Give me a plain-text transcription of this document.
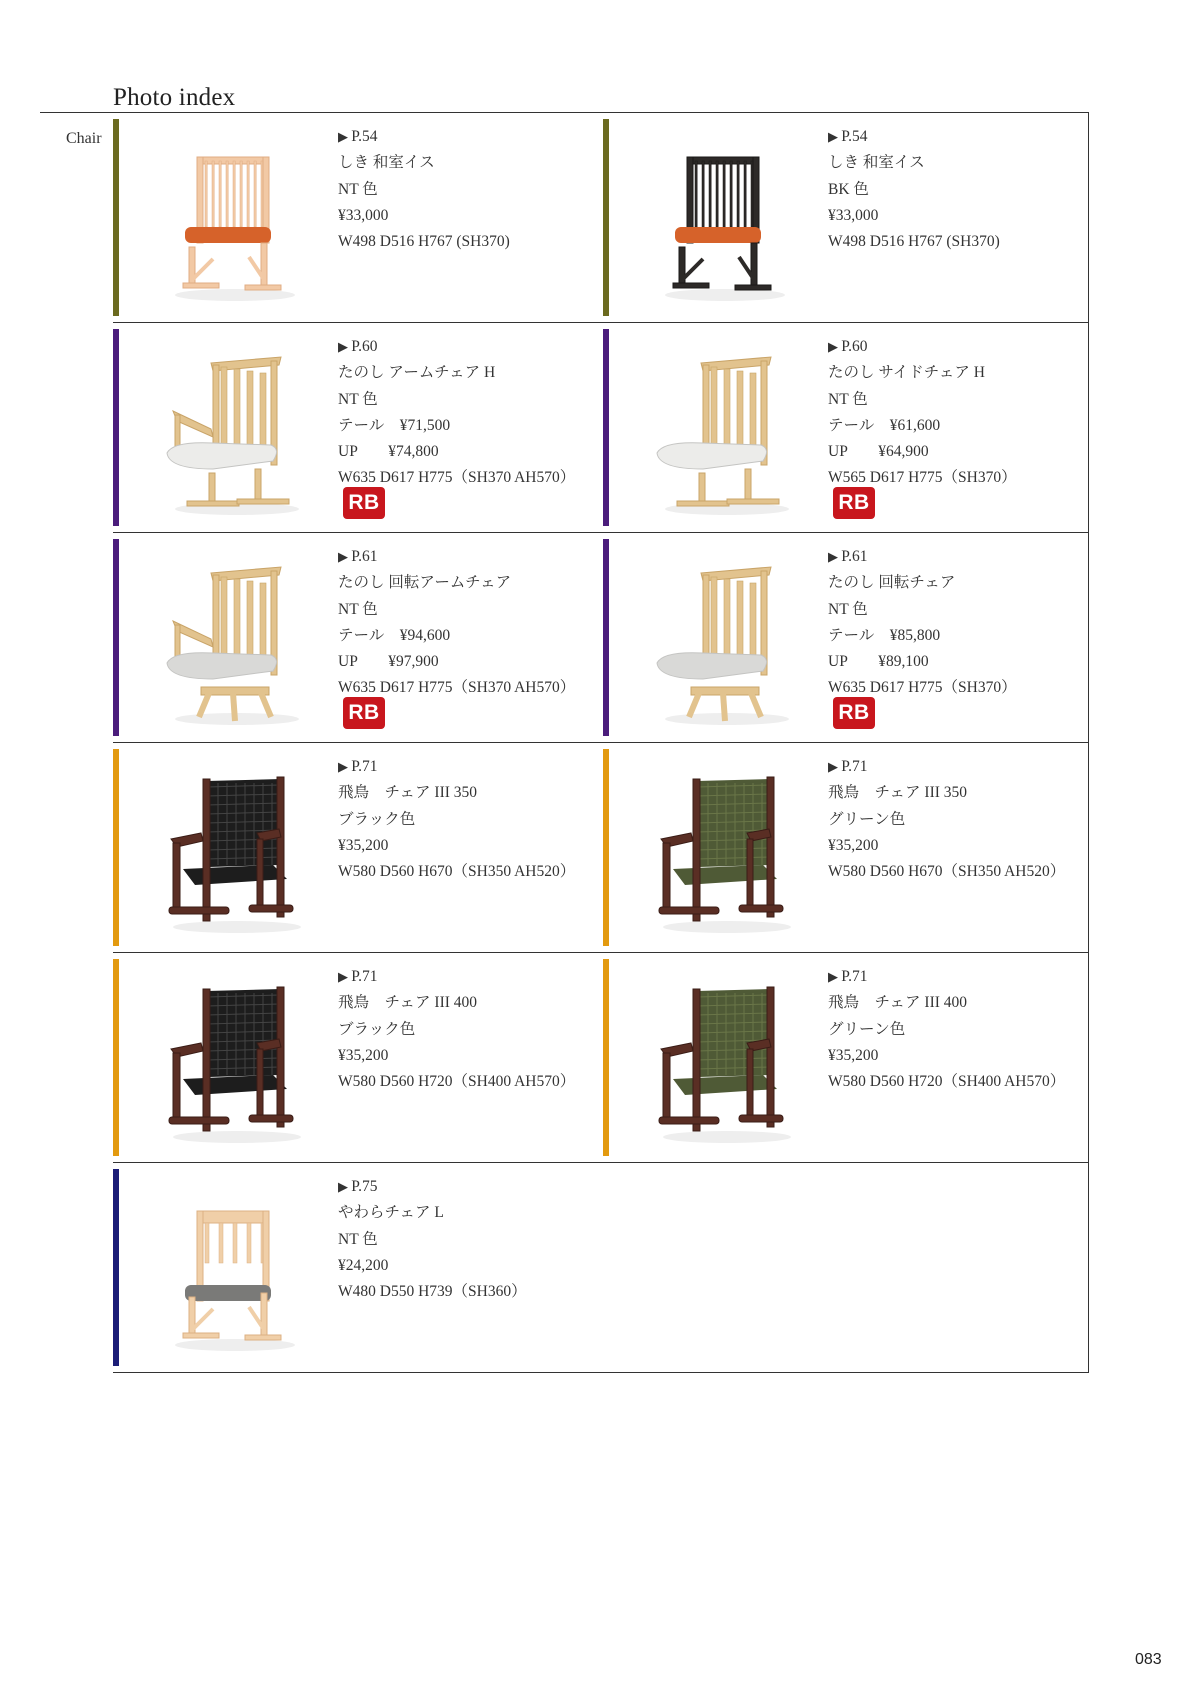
Photo index
Chair
▶	P.54
しき 和室イス
NT 色
¥33,000
W498 D516 H767 (SH370)
▶ P.54
しき 和室イス
BK 色
¥33,000
W498 D516 H767 (SH370)
▶ P.60
たのし アームチェア H
NT 色
テール　¥71,500
UP　　¥74,800
W635 D617 H775（SH370 AH570）
RB
▶ P.60
たのし サイドチェア H
NT 色
テール　¥61,600
UP　　¥64,900
W565 D617 H775（SH370）
RB
▶ P.61
たのし 回転アームチェア
NT 色
テール　¥94,600
UP　　¥97,900
W635 D617 H775（SH370 AH570）
RB
▶ P.61
たのし 回転チェア
NT 色
テール　¥85,800
UP　　¥89,100
W635 D617 H775（SH370）
RB
▶ P.71
飛鳥　チェア III 350
ブラック色
¥35,200
W580 D560 H670（SH350 AH520）
▶ P.71
飛鳥　チェア III 350
グリーン色
¥35,200
W580 D560 H670（SH350 AH520）
▶ P.71
飛鳥　チェア III 400
ブラック色
¥35,200
W580 D560 H720（SH400 AH570）
▶ P.71
飛鳥　チェア III 400
グリーン色
¥35,200
W580 D560 H720（SH400 AH570）
▶ P.75
やわらチェア L
NT 色
¥24,200
W480 D550 H739（SH360）
083
